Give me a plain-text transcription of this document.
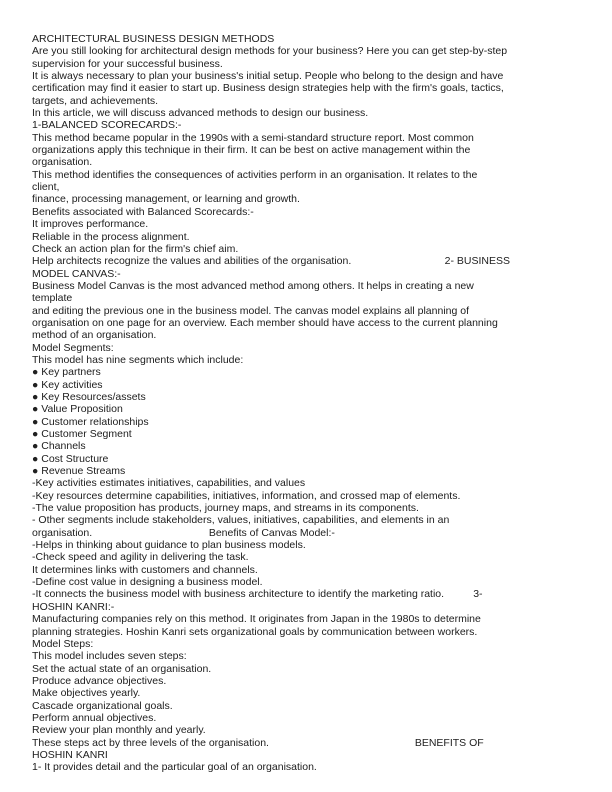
ARCHITECTURAL BUSINESS DESIGN METHODS
Are you still looking for architectural design methods for your business? Here you can get step-by-step
supervision for your successful business.
It is always necessary to plan your business's initial setup. People who belong to the design and have
certification may find it easier to start up. Business design strategies help with the firm's goals, tactics,
targets, and achievements.
In this article, we will discuss advanced methods to design our business.
1-BALANCED SCORECARDS:-
This method became popular in the 1990s with a semi-standard structure report. Most common
organizations apply this technique in their firm. It can be best on active management within the
organisation.
This method identifies the consequences of activities perform in an organisation. It relates to the
client,
finance, processing management, or learning and growth.
Benefits associated with Balanced Scorecards:-
It improves performance.
Reliable in the process alignment.
Check an action plan for the firm's chief aim.
Help architects recognize the values and abilities of the organisation.                                2- BUSINESS
MODEL CANVAS:-
Business Model Canvas is the most advanced method among others. It helps in creating a new
template
and editing the previous one in the business model. The canvas model explains all planning of
organisation on one page for an overview. Each member should have access to the current planning
method of an organisation.
Model Segments:
This model has nine segments which include:
● Key partners
● Key activities
● Key Resources/assets
● Value Proposition
● Customer relationships
● Customer Segment
● Channels
● Cost Structure
● Revenue Streams
-Key activities estimates initiatives, capabilities, and values
-Key resources determine capabilities, initiatives, information, and crossed map of elements.
-The value proposition has products, journey maps, and streams in its components.
- Other segments include stakeholders, values, initiatives, capabilities, and elements in an
organisation.                                        Benefits of Canvas Model:-
-Helps in thinking about guidance to plan business models.
-Check speed and agility in delivering the task.
It determines links with customers and channels.
-Define cost value in designing a business model.
-It connects the business model with business architecture to identify the marketing ratio.          3-
HOSHIN KANRI:-
Manufacturing companies rely on this method. It originates from Japan in the 1980s to determine
planning strategies. Hoshin Kanri sets organizational goals by communication between workers.
Model Steps:
This model includes seven steps:
Set the actual state of an organisation.
Produce advance objectives.
Make objectives yearly.
Cascade organizational goals.
Perform annual objectives.
Review your plan monthly and yearly.
These steps act by three levels of the organisation.                                                  BENEFITS OF
HOSHIN KANRI
1- It provides detail and the particular goal of an organisation.
